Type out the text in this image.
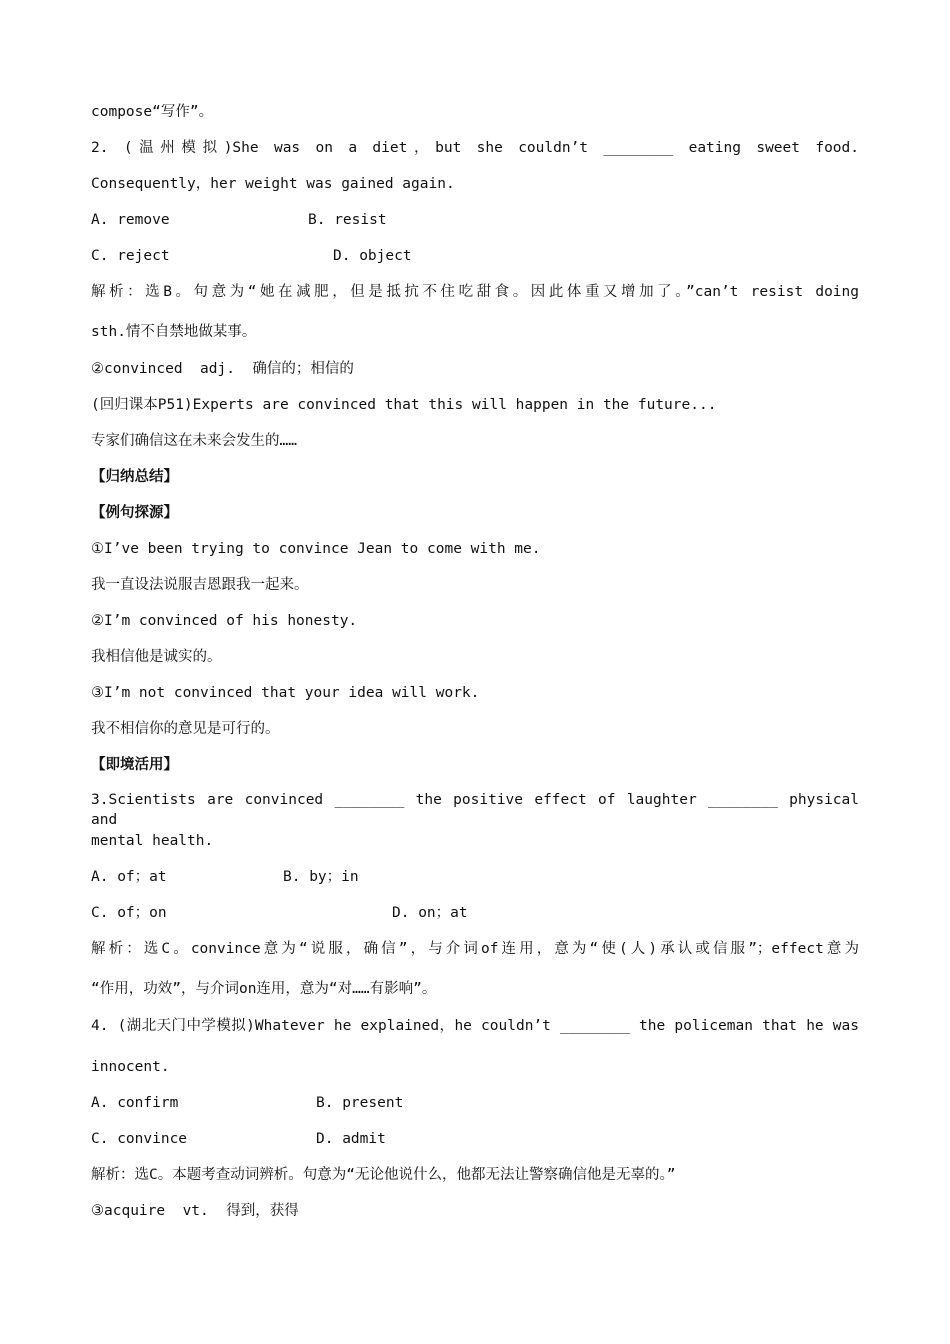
compose“写作”。
2. (温州模拟)She was on a diet，but she couldn’t ________ eating sweet food.
Consequently，her weight was gained again.
A. remove	B. resist
C. reject	D. object
解析：选B。句意为“她在减肥，但是抵抗不住吃甜食。因此体重又增加了。”can’t resist doing
sth.情不自禁地做某事。
②convinced  adj.  确信的；相信的
(回归课本P51)Experts are convinced that this will happen in the future...
专家们确信这在未来会发生的……
【归纳总结】
【例句探源】
①I’ve been trying to convince Jean to come with me.
我一直设法说服吉恩跟我一起来。
②I’m convinced of his honesty.
我相信他是诚实的。
③I’m not convinced that your idea will work.
我不相信你的意见是可行的。
【即境活用】
3.Scientists are convinced ________ the positive effect of laughter ________ physical and
mental health.
A. of；at	B. by；in
C. of；on	D. on；at
解析：选C。convince意为“说服，确信”，与介词of连用，意为“使(人)承认或信服”；effect意为
“作用，功效”，与介词on连用，意为“对……有影响”。
4. (湖北天门中学模拟)Whatever he explained，he couldn’t ________ the policeman that he was
innocent.
A. confirm	B. present
C. convince	D. admit
解析：选C。本题考查动词辨析。句意为“无论他说什么，他都无法让警察确信他是无辜的。”
③acquire  vt.  得到，获得
